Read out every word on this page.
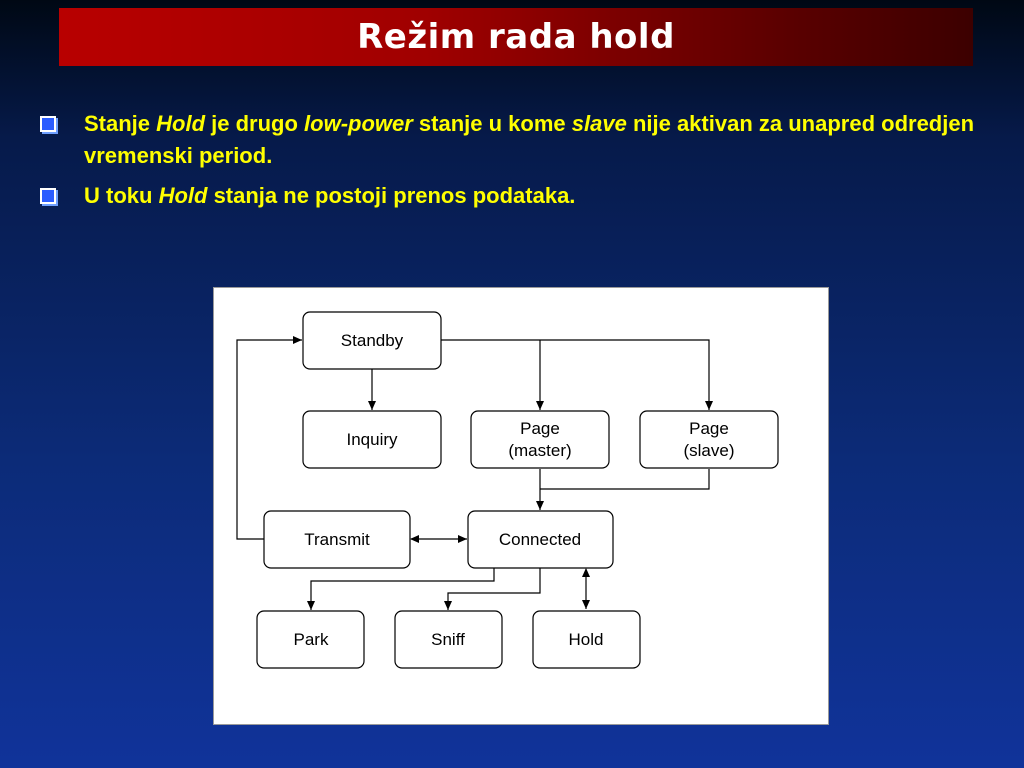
Režim rada hold
Stanje Hold je drugo low-power stanje u kome slave nije aktivan za unapred odredjen vremenski period.
U toku Hold stanja ne postoji prenos podataka.
Standby
Inquiry
Page
(master)
Page
(slave)
Transmit	Connected
Park	Sniff	Hold
